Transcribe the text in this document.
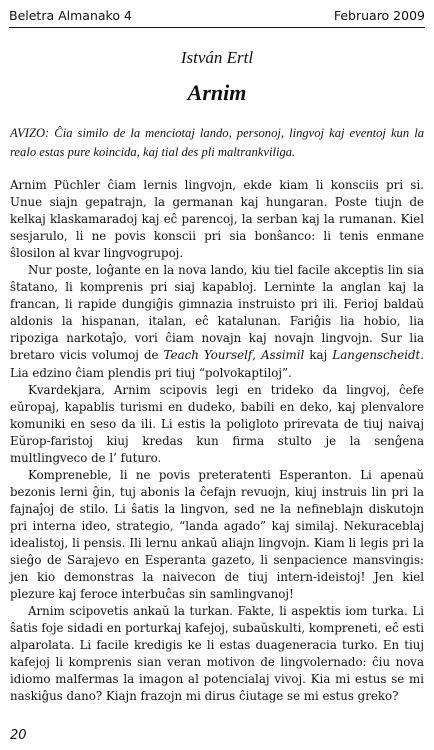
Beletra Almanako 4	Februaro 2009
István Ertl
Arnim
AVIZO: Ĉia similo de la menciotaj lando, personoj, lingvoj kaj eventoj kun la realo estas pure koincida, kaj tial des pli maltrankviliga.

Arnim Püchler ĉiam lernis lingvojn, ekde kiam li konsciis pri si. Unue siajn gepatrajn, la germanan kaj hungaran. Poste tiujn de kelkaj klaskamaradoj kaj eĉ parencoj, la serban kaj la rumanan. Kiel sesjarulo, li ne povis konscii pri sia bonŝanco: li tenis enmane ŝlosilon al kvar lingvogrupoj.

Nur poste, loĝante en la nova lando, kiu tiel facile akceptis lin sia ŝtatano, li komprenis pri siaj kapabloj. Lerninte la anglan kaj la francan, li rapide dungiĝis gimnazia instruisto pri ili. Ferioj baldaŭ aldonis la hispanan, italan, eĉ katalunan. Fariĝis lia hobio, lia ripoziga narkotaĵo, vori ĉiam novajn kaj novajn lingvojn. Sur lia bretaro vicis volumoj de Teach Yourself, Assimil kaj Langenscheidt. Lia edzino ĉiam plendis pri tiuj “polvokaptiloj”.

Kvardekjara, Arnim scipovis legi en trideko da lingvoj, ĉefe eŭropaj, kapablis turismi en dudeko, babili en deko, kaj plenvalore komuniki en seso da ili. Li estis la poligloto prirevata de tiuj naivaj Eŭrop-faristoj kiuj kredas kun firma stulto je la senĝena multlingveco de l’ futuro.

Kompreneble, li ne povis preteratenti Esperanton. Li apenaŭ bezonis lerni ĝin, tuj abonis la ĉefajn revuojn, kiuj instruis lin pri la fajnaĵoj de stilo. Li ŝatis la lingvon, sed ne la nefineblajn diskutojn pri interna ideo, strategio, “landa agado” kaj similaj. Nekuraceblaj idealistoj, li pensis. Ili lernu ankaŭ aliajn lingvojn. Kiam li legis pri la sieĝo de Sarajevo en Esperanta gazeto, li senpacience mansvingis: jen kio demonstras la naivecon de tiuj intern-ideistoj! Jen kiel plezure kaj feroce interbuĉas sin samlingvanoj!

Arnim scipovetis ankaŭ la turkan. Fakte, li aspektis iom turka. Li ŝatis foje sidadi en porturkaj kafejoj, subaŭskulti, kompreneti, eĉ esti alparolata. Li facile kredigis ke li estas duageneracia turko. En tiuj kafejoj li komprenis sian veran motivon de lingvolernado: ĉiu nova idiomo malfermas la imagon al potencialaj vivoj. Kia mi estus se mi naskiĝus dano? Kiajn frazojn mi dirus ĉiutage se mi estus greko?

20
